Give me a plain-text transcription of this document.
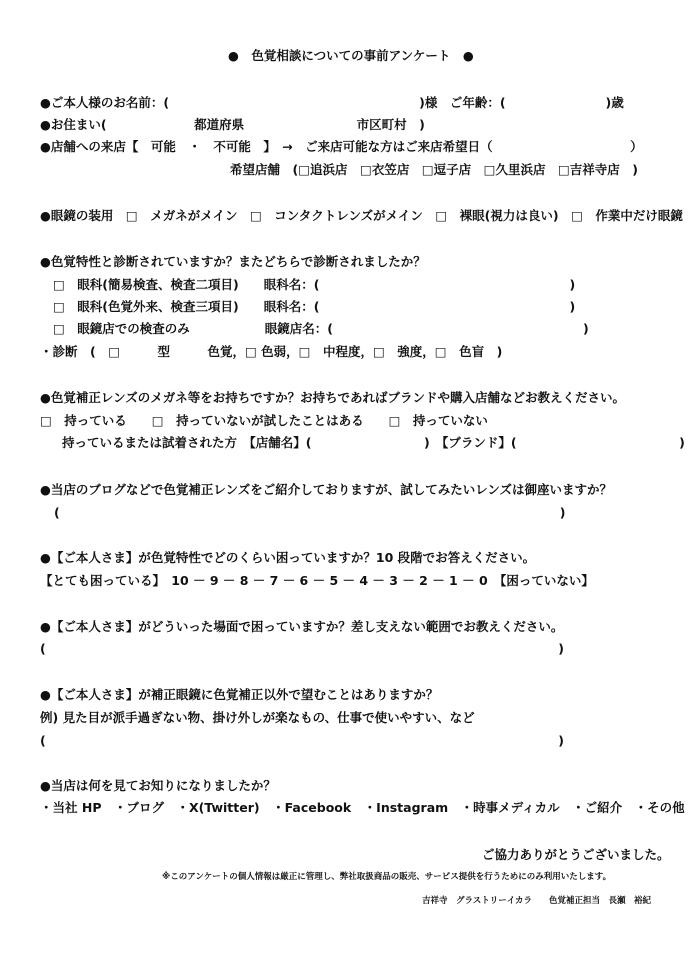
●　色覚相談についての事前アンケート　●
●ご本人様のお名前：(　　　　　　　　　　　　　　　　　　　　)様　ご年齢：(　　　　　　　　)歳
●お住まい(　　　　　　　都道府県　　　　　　　　　市区町村　)
●店舗への来店【　可能　・　不可能　】　→　ご来店可能な方はご来店希望日（　　　　　　　　　　　）
希望店舗　(□追浜店　□衣笠店　□逗子店　□久里浜店　□吉祥寺店　)
●眼鏡の装用　□　メガネがメイン　□　コンタクトレンズがメイン　□　裸眼(視力は良い)　□　作業中だけ眼鏡
●色覚特性と診断されていますか？またどちらで診断されましたか？
□　眼科(簡易検査、検査二項目)　　眼科名：(　　　　　　　　　　　　　　　　　　　　)
□　眼科(色覚外来、検査三項目)　　眼科名：(　　　　　　　　　　　　　　　　　　　　)
□　眼鏡店での検査のみ　　　　　　眼鏡店名：(　　　　　　　　　　　　　　　　　　　　)
・診断　(　□　　　型　　　色覚，□ 色弱，□　中程度，□　強度，□　色盲　)
●色覚補正レンズのメガネ等をお持ちですか？お持ちであればブランドや購入店舗などお教えください。
□　持っている　　□　持っていないが試したことはある　　□　持っていない
持っているまたは試着された方　【店舗名】(　　　　　　　　　)　【ブランド】(　　　　　　　　　　　　　)
●当店のブログなどで色覚補正レンズをご紹介しておりますが、試してみたいレンズは御座いますか？
(　　　　　　　　　　　　　　　　　　　　　　　　　　　　　　　　　　　　　　　　)
●【ご本人さま】が色覚特性でどのくらい困っていますか？10 段階でお答えください。
【とても困っている】　10 － 9 － 8 － 7 － 6 － 5 － 4 － 3 － 2 － 1 － 0　【困っていない】
●【ご本人さま】がどういった場面で困っていますか？差し支えない範囲でお教えください。
(　　　　　　　　　　　　　　　　　　　　　　　　　　　　　　　　　　　　　　　　　)
●【ご本人さま】が補正眼鏡に色覚補正以外で望むことはありますか？
例) 見た目が派手過ぎない物、掛け外しが楽なもの、仕事で使いやすい、など
(　　　　　　　　　　　　　　　　　　　　　　　　　　　　　　　　　　　　　　　　　)
●当店は何を見てお知りになりましたか？
・当社 HP　・ブログ　・X(Twitter)　・Facebook　・Instagram　・時事メディカル　・ご紹介　・その他
ご協力ありがとうございました。
※このアンケートの個人情報は厳正に管理し、弊社取扱商品の販売、サービス提供を行うためにのみ利用いたします。
吉祥寺　グラストリーイカラ　　色覚補正担当　長瀬　裕紀
